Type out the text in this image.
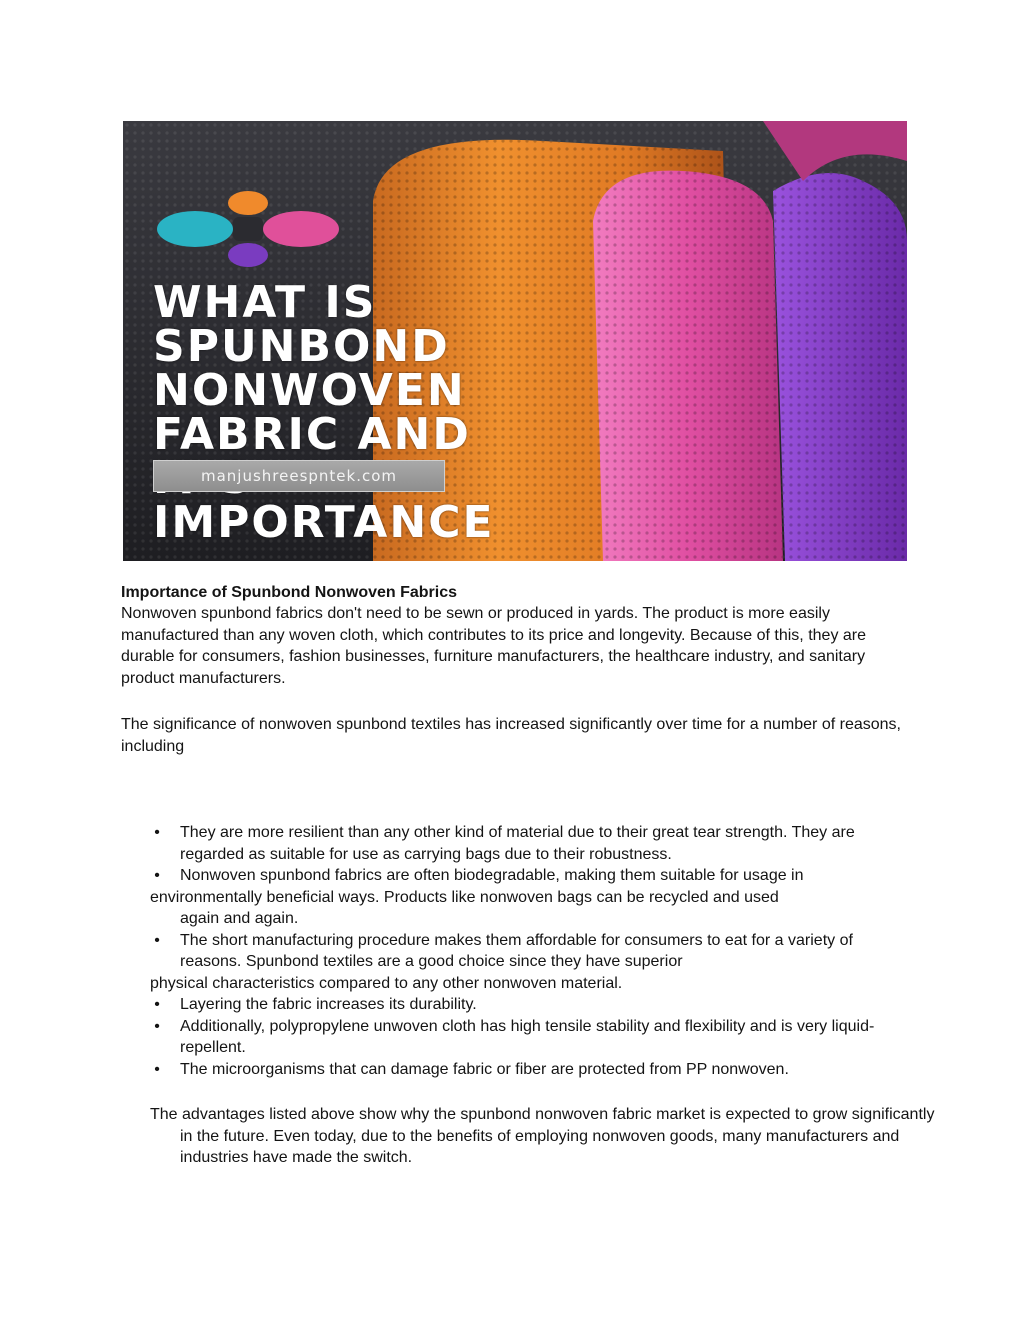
WHAT IS
SPUNBOND
NONWOVEN
FABRIC AND

IMPORTANCE
manjushreespntek.com
Importance of Spunbond Nonwoven Fabrics

Nonwoven spunbond fabrics don't need to be sewn or produced in yards. The product is more easily manufactured than any woven cloth, which contributes to its price and longevity. Because of this, they are durable for consumers, fashion businesses, furniture manufacturers, the healthcare industry, and sanitary product manufacturers.

The significance of nonwoven spunbond textiles has increased significantly over time for a number of reasons, including

• They are more resilient than any other kind of material due to their great tear strength. They are regarded as suitable for use as carrying bags due to their robustness.
• Nonwoven spunbond fabrics are often biodegradable, making them suitable for usage in
environmentally beneficial ways. Products like nonwoven bags can be recycled and used
again and again.
• The short manufacturing procedure makes them affordable for consumers to eat for a variety of reasons. Spunbond textiles are a good choice since they have superior
physical characteristics compared to any other nonwoven material.
• Layering the fabric increases its durability.
• Additionally, polypropylene unwoven cloth has high tensile stability and flexibility and is very liquid-repellent.
• The microorganisms that can damage fabric or fiber are protected from PP nonwoven.

The advantages listed above show why the spunbond nonwoven fabric market is expected to grow significantly in the future. Even today, due to the benefits of employing nonwoven goods, many manufacturers and industries have made the switch.
